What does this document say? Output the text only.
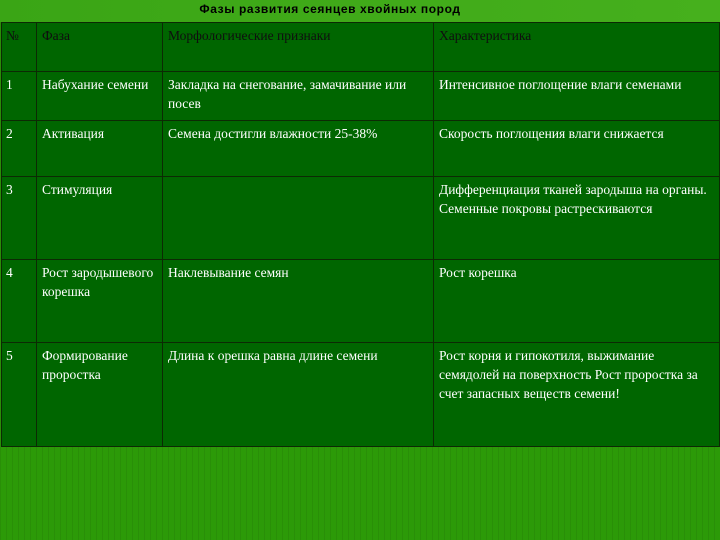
Фазы развития сеянцев хвойных пород
№	Фаза	Морфологические признаки	Характеристика
1	Набухание семени	Закладка на снегование, замачивание или посев	Интенсивное поглощение влаги семенами
2	Активация	Семена достигли влажности 25-38%	Скорость поглощения влаги снижается
3	Стимуляция		Дифференциация тканей зародыша на органы. Семенные покровы растрескиваются
4	Рост зародышевого корешка	Наклевывание семян	Рост корешка
5	Формирование проростка	Длина к орешка равна длине семени	Рост корня и гипокотиля, выжимание семядолей на поверхность Рост проростка за счет запасных веществ семени!
